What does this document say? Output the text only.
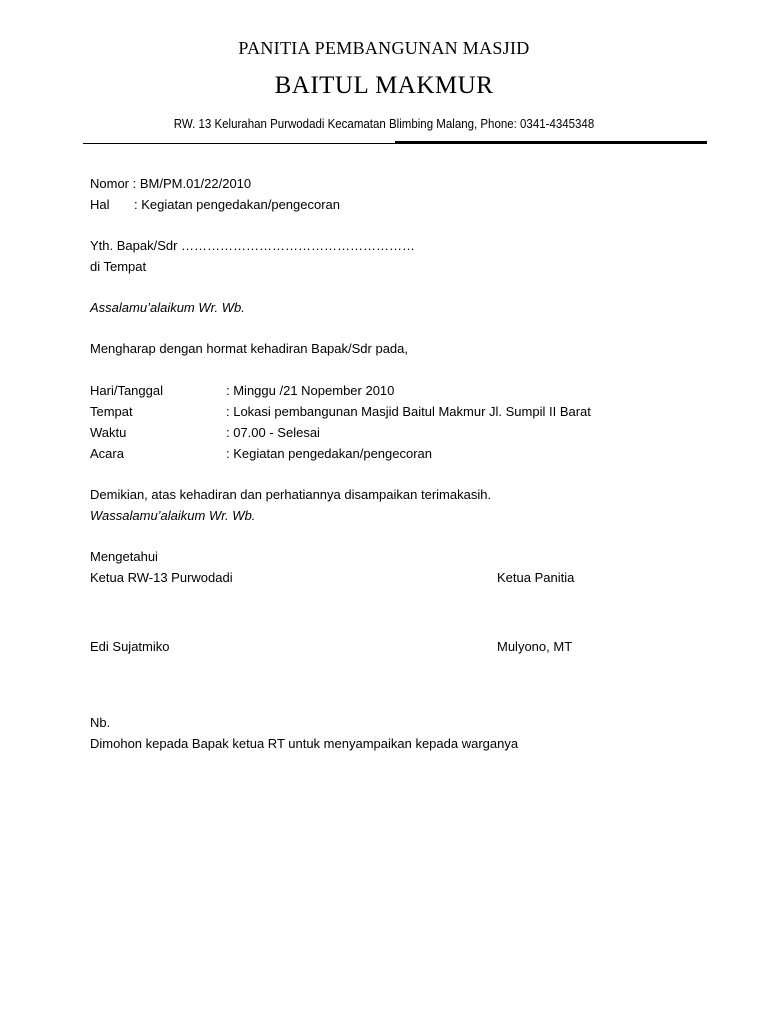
PANITIA PEMBANGUNAN MASJID
BAITUL MAKMUR
RW. 13 Kelurahan Purwodadi Kecamatan Blimbing Malang, Phone: 0341-4345348
Nomor : BM/PM.01/22/2010
Hal : Kegiatan pengedakan/pengecoran
Yth. Bapak/Sdr ………………………………………………
di Tempat
Assalamu’alaikum Wr. Wb.
Mengharap dengan hormat kehadiran Bapak/Sdr pada,
Hari/Tanggal	: Minggu /21 Nopember 2010
Tempat	: Lokasi pembangunan Masjid Baitul Makmur Jl. Sumpil II Barat
Waktu	: 07.00 - Selesai
Acara	: Kegiatan pengedakan/pengecoran
Demikian, atas kehadiran dan perhatiannya disampaikan terimakasih.
Wassalamu’alaikum Wr. Wb.
Mengetahui
Ketua RW-13 Purwodadi	Ketua Panitia
Edi Sujatmiko	Mulyono, MT
Nb.
Dimohon kepada Bapak ketua RT untuk menyampaikan kepada warganya
